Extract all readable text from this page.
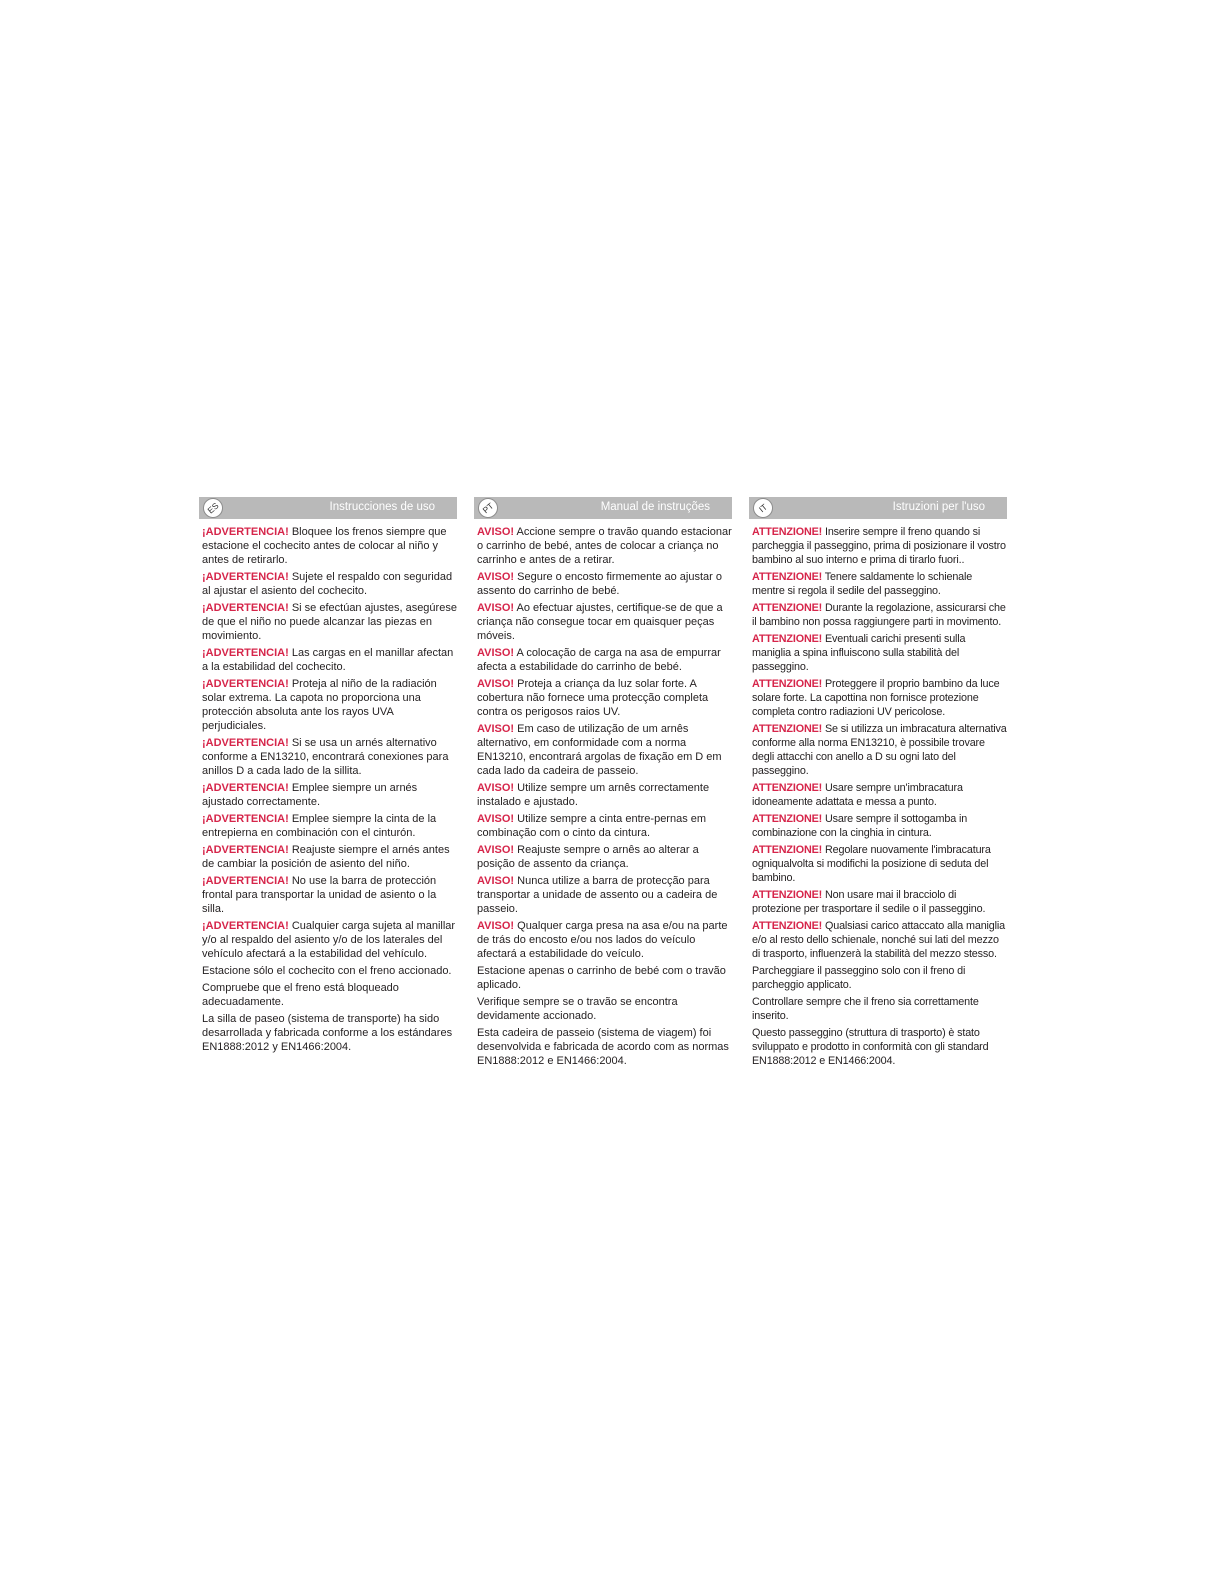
ES	Instrucciones de uso

¡ADVERTENCIA! Bloquee los frenos siempre que estacione el cochecito antes de colocar al niño y antes de retirarlo.

¡ADVERTENCIA! Sujete el respaldo con seguridad al ajustar el asiento del cochecito.

¡ADVERTENCIA! Si se efectúan ajustes, asegúrese de que el niño no puede alcanzar las piezas en movimiento.

¡ADVERTENCIA! Las cargas en el manillar afectan a la estabilidad del cochecito.

¡ADVERTENCIA! Proteja al niño de la radiación solar extrema. La capota no proporciona una protección absoluta ante los rayos UVA perjudiciales.

¡ADVERTENCIA! Si se usa un arnés alternativo conforme a EN13210, encontrará conexiones para anillos D a cada lado de la sillita.

¡ADVERTENCIA! Emplee siempre un arnés ajustado correctamente.

¡ADVERTENCIA! Emplee siempre la cinta de la entrepierna en combinación con el cinturón.

¡ADVERTENCIA! Reajuste siempre el arnés antes de cambiar la posición de asiento del niño.

¡ADVERTENCIA! No use la barra de protección frontal para transportar la unidad de asiento o la silla.

¡ADVERTENCIA! Cualquier carga sujeta al manillar y/o al respaldo del asiento y/o de los laterales del vehículo afectará a la estabilidad del vehículo.

Estacione sólo el cochecito con el freno accionado.

Compruebe que el freno está bloqueado adecuadamente.

La silla de paseo (sistema de transporte) ha sido desarrollada y fabricada conforme a los estándares EN1888:2012 y EN1466:2004.

PT	Manual de instruções

AVISO! Accione sempre o travão quando estacionar o carrinho de bebé, antes de colocar a criança no carrinho e antes de a retirar.

AVISO! Segure o encosto firmemente ao ajustar o assento do carrinho de bebé.

AVISO! Ao efectuar ajustes, certifique-se de que a criança não consegue tocar em quaisquer peças móveis.

AVISO! A colocação de carga na asa de empurrar afecta a estabilidade do carrinho de bebé.

AVISO! Proteja a criança da luz solar forte. A cobertura não fornece uma protecção completa contra os perigosos raios UV.

AVISO! Em caso de utilização de um arnês alternativo, em conformidade com a norma EN13210, encontrará argolas de fixação em D em cada lado da cadeira de passeio.

AVISO! Utilize sempre um arnês correctamente instalado e ajustado.

AVISO! Utilize sempre a cinta entre-pernas em combinação com o cinto da cintura.

AVISO! Reajuste sempre o arnês ao alterar a posição de assento da criança.

AVISO! Nunca utilize a barra de protecção para transportar a unidade de assento ou a cadeira de passeio.

AVISO! Qualquer carga presa na asa e/ou na parte de trás do encosto e/ou nos lados do veículo afectará a estabilidade do veículo.

Estacione apenas o carrinho de bebé com o travão aplicado.

Verifique sempre se o travão se encontra devidamente accionado.

Esta cadeira de passeio (sistema de viagem) foi desenvolvida e fabricada de acordo com as normas EN1888:2012 e EN1466:2004.

IT	Istruzioni per l'uso

ATTENZIONE! Inserire sempre il freno quando si parcheggia il passeggino, prima di posizionare il vostro bambino al suo interno e prima di tirarlo fuori..

ATTENZIONE! Tenere saldamente lo schienale mentre si regola il sedile del passeggino.

ATTENZIONE! Durante la regolazione, assicurarsi che il bambino non possa raggiungere parti in movimento.

ATTENZIONE! Eventuali carichi presenti sulla maniglia a spina influiscono sulla stabilità del passeggino.

ATTENZIONE! Proteggere il proprio bambino da luce solare forte. La capottina non fornisce protezione completa contro radiazioni UV pericolose.

ATTENZIONE! Se si utilizza un imbracatura alternativa conforme alla norma EN13210, è possibile trovare degli attacchi con anello a D su ogni lato del passeggino.

ATTENZIONE! Usare sempre un'imbracatura idoneamente adattata e messa a punto.

ATTENZIONE! Usare sempre il sottogamba in combinazione con la cinghia in cintura.

ATTENZIONE! Regolare nuovamente l'imbracatura ogniqualvolta si modifichi la posizione di seduta del bambino.

ATTENZIONE! Non usare mai il bracciolo di protezione per trasportare il sedile o il passeggino.

ATTENZIONE! Qualsiasi carico attaccato alla maniglia e/o al resto dello schienale, nonché sui lati del mezzo di trasporto, influenzerà la stabilità del mezzo stesso.

Parcheggiare il passeggino solo con il freno di parcheggio applicato.

Controllare sempre che il freno sia correttamente inserito.

Questo passeggino (struttura di trasporto) è stato sviluppato e prodotto in conformità con gli standard EN1888:2012 e EN1466:2004.
